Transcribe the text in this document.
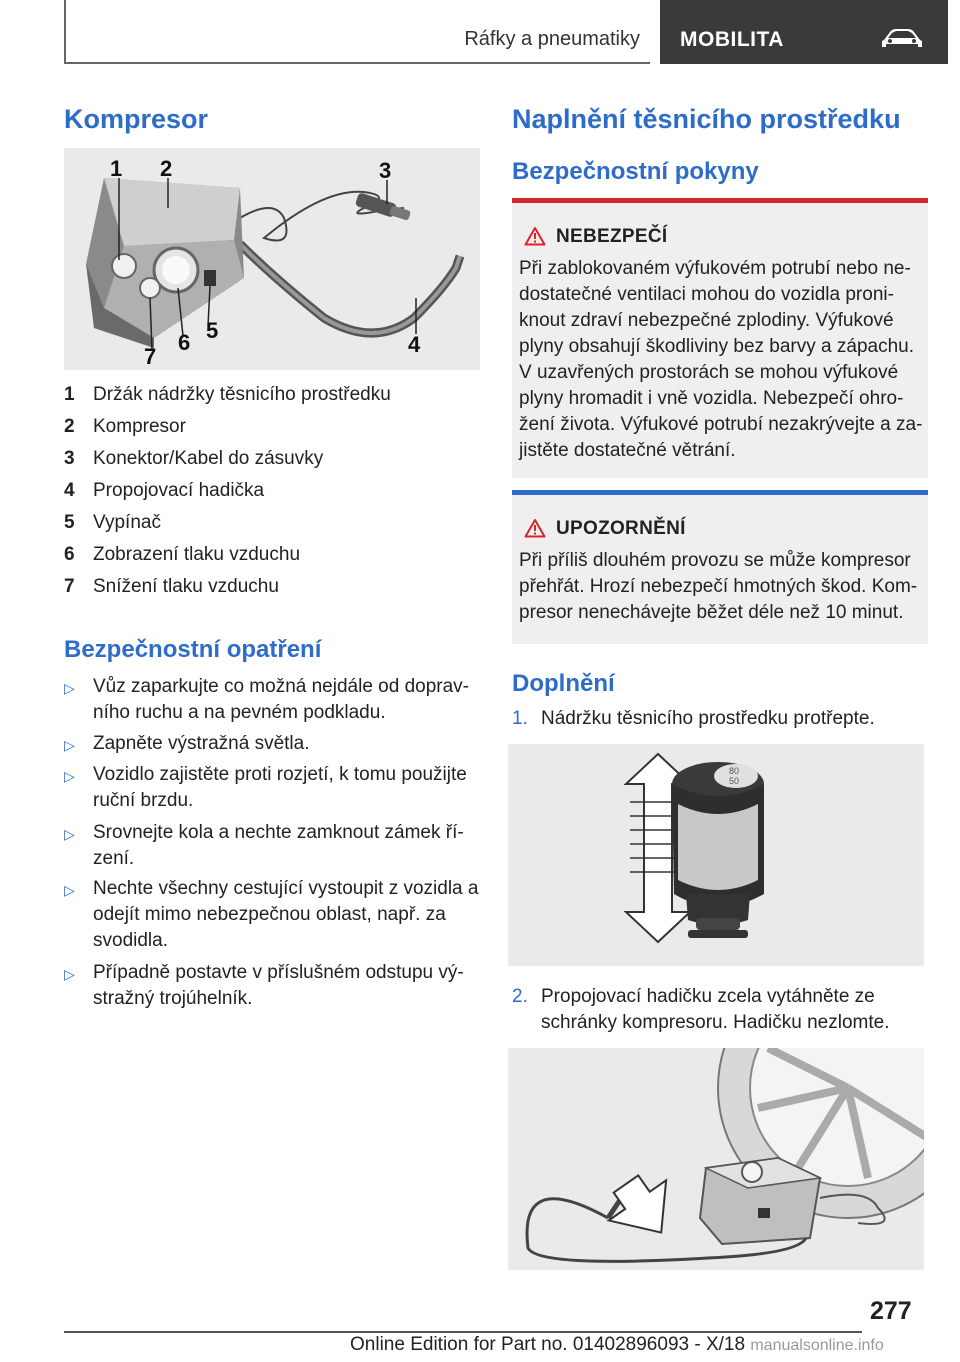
Ráfky a pneumatiky MOBILITA
Kompresor
1 2	3
4
5
6
7
1 Držák nádržky těsnicího prostředku
2 Kompresor
3 Konektor/Kabel do zásuvky
4 Propojovací hadička
5 Vypínač
6 Zobrazení tlaku vzduchu
7 Snížení tlaku vzduchu
Bezpečnostní opatření
▷ Vůz zaparkujte co možná nejdále od doprav-
ního ruchu a na pevném podkladu.
▷ Zapněte výstražná světla.
▷ Vozidlo zajistěte proti rozjetí, k tomu použijte
ruční brzdu.
▷ Srovnejte kola a nechte zamknout zámek ří-
zení.
▷ Nechte všechny cestující vystoupit z vozidla a
odejít mimo nebezpečnou oblast, např. za
svodidla.
▷ Případně postavte v příslušném odstupu vý-
stražný trojúhelník.
Naplnění těsnicího prostředku
Bezpečnostní pokyny
NEBEZPEČÍ
Při zablokovaném výfukovém potrubí nebo ne-
dostatečné ventilaci mohou do vozidla proni-
knout zdraví nebezpečné zplodiny. Výfukové
plyny obsahují škodliviny bez barvy a zápachu.
V uzavřených prostorách se mohou výfukové
plyny hromadit i vně vozidla. Nebezpečí ohro-
žení života. Výfukové potrubí nezakrývejte a za-
jistěte dostatečné větrání.
UPOZORNĚNÍ
Při příliš dlouhém provozu se může kompresor
přehřát. Hrozí nebezpečí hmotných škod. Kom-
presor nenechávejte běžet déle než 10 minut.
Doplnění
1. Nádržku těsnicího prostředku protřepte.
80
50
2. Propojovací hadičku zcela vytáhněte ze
schránky kompresoru. Hadičku nezlomte.
277
Online Edition for Part no. 01402896093 - X/18 manualsonline.info
